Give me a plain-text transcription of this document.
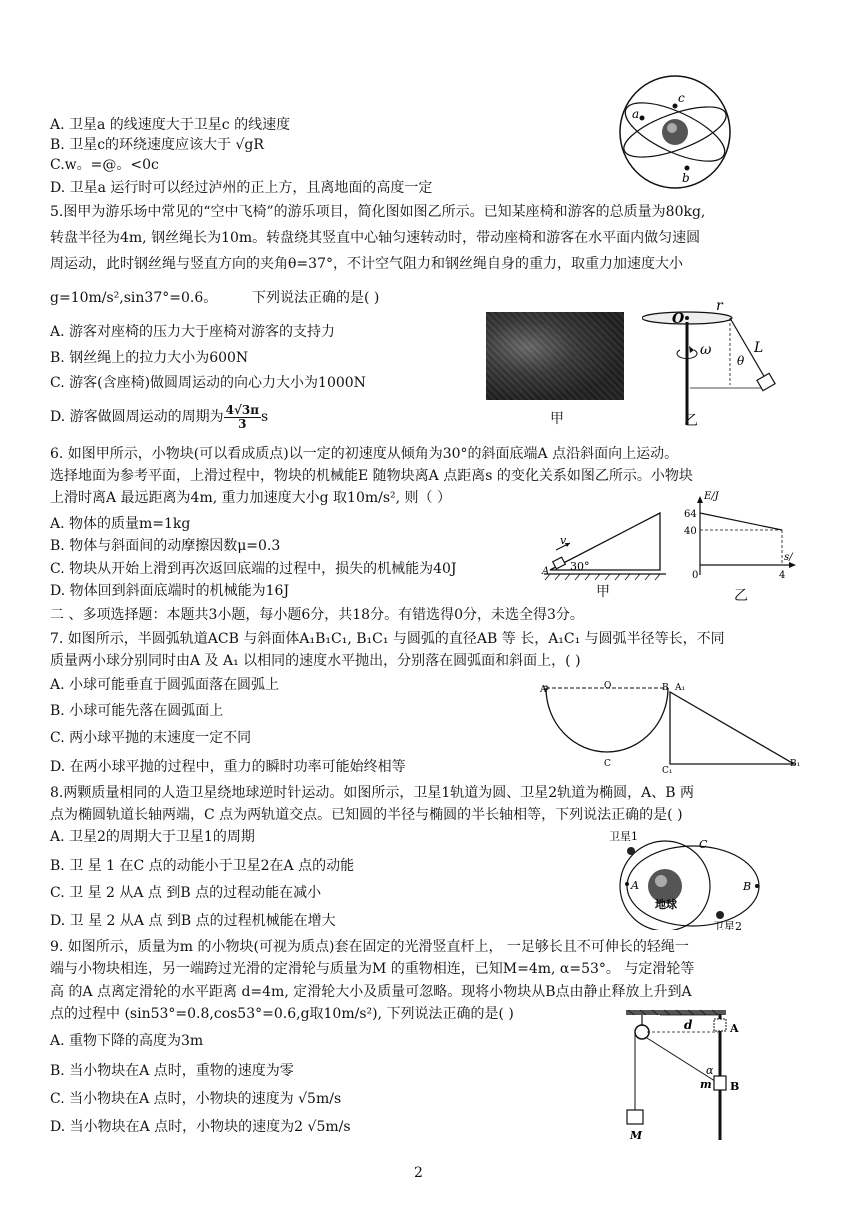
A. 卫星a 的线速度大于卫星c 的线速度
B. 卫星c的环绕速度应该大于 √gR
C.w。=@。<0c
D. 卫星a 运行时可以经过泸州的正上方，且离地面的高度一定
c
a
b
5.图甲为游乐场中常见的“空中飞椅”的游乐项目，简化图如图乙所示。已知某座椅和游客的总质量为80kg,
转盘半径为4m, 钢丝绳长为10m。转盘绕其竖直中心轴匀速转动时，带动座椅和游客在水平面内做匀速圆
周运动，此时钢丝绳与竖直方向的夹角θ=37°，不计空气阻力和钢丝绳自身的重力，取重力加速度大小
g=10m/s²,sin37°=0.6。 下列说法正确的是( )
A. 游客对座椅的压力大于座椅对游客的支持力
B. 钢丝绳上的拉力大小为600N
C. 游客(含座椅)做圆周运动的向心力大小为1000N
D. 游客做圆周运动的周期为 $\frac{4√3\pi}{3}$ s	甲
r
O
ω	L
θ
乙
6. 如图甲所示，小物块(可以看成质点)以一定的初速度从倾角为30°的斜面底端A 点沿斜面向上运动。
选择地面为参考平面，上滑过程中，物块的机械能E 随物块离A 点距离s 的变化关系如图乙所示。小物块
上滑时离A 最远距离为4m, 重力加速度大小g 取10m/s², 则（ ）
A. 物体的质量m=1kg
B. 物体与斜面间的动摩擦因数μ=0.3
C. 物块从开始上滑到再次返回底端的过程中，损失的机械能为40J
D. 物体回到斜面底端时的机械能为16J
v
A 30°
甲
E/J
s/
64
40
0	4
乙
二 、多项选择题：本题共3小题，每小题6分，共18分。有错选得0分，未选全得3分。
7. 如图所示，半圆弧轨道ACB 与斜面体A₁B₁C₁, B₁C₁ 与圆弧的直径AB 等 长，A₁C₁ 与圆弧半径等长，不同
质量两小球分别同时由A 及 A₁ 以相同的速度水平抛出，分别落在圆弧面和斜面上，( )
A. 小球可能垂直于圆弧面落在圆弧上
B. 小球可能先落在圆弧面上
C. 两小球平抛的末速度一定不同
D. 在两小球平抛的过程中，重力的瞬时功率可能始终相等
A	O	B
C
A₁
C₁
B₁
8.两颗质量相同的人造卫星绕地球逆时针运动。如图所示，卫星1轨道为圆、卫星2轨道为椭圆，A、B 两
点为椭圆轨道长轴两端，C 点为两轨道交点。已知圆的半径与椭圆的半长轴相等，下列说法正确的是( )
A. 卫星2的周期大于卫星1的周期
B. 卫 星 1 在C 点的动能小于卫星2在A 点的动能
C. 卫 星 2 从A 点 到B 点的过程动能在减小
D. 卫 星 2 从A 点 到B 点的过程机械能在增大
卫星1
C
A	B
地球
卫星2
9. 如图所示，质量为m 的小物块(可视为质点)套在固定的光滑竖直杆上， 一足够长且不可伸长的轻绳一
端与小物块相连，另一端跨过光滑的定滑轮与质量为M 的重物相连，已知M=4m, α=53°。 与定滑轮等
高 的A 点离定滑轮的水平距离 d=4m, 定滑轮大小及质量可忽略。现将小物块从B点由静止释放上升到A
点的过程中 (sin53°=0.8,cos53°=0.6,g取10m/s²), 下列说法正确的是( )
A. 重物下降的高度为3m
B. 当小物块在A 点时，重物的速度为零
C. 当小物块在A 点时，小物块的速度为 √5m/s
D. 当小物块在A 点时，小物块的速度为2 √5m/s
d	A
α
m B
M
2
